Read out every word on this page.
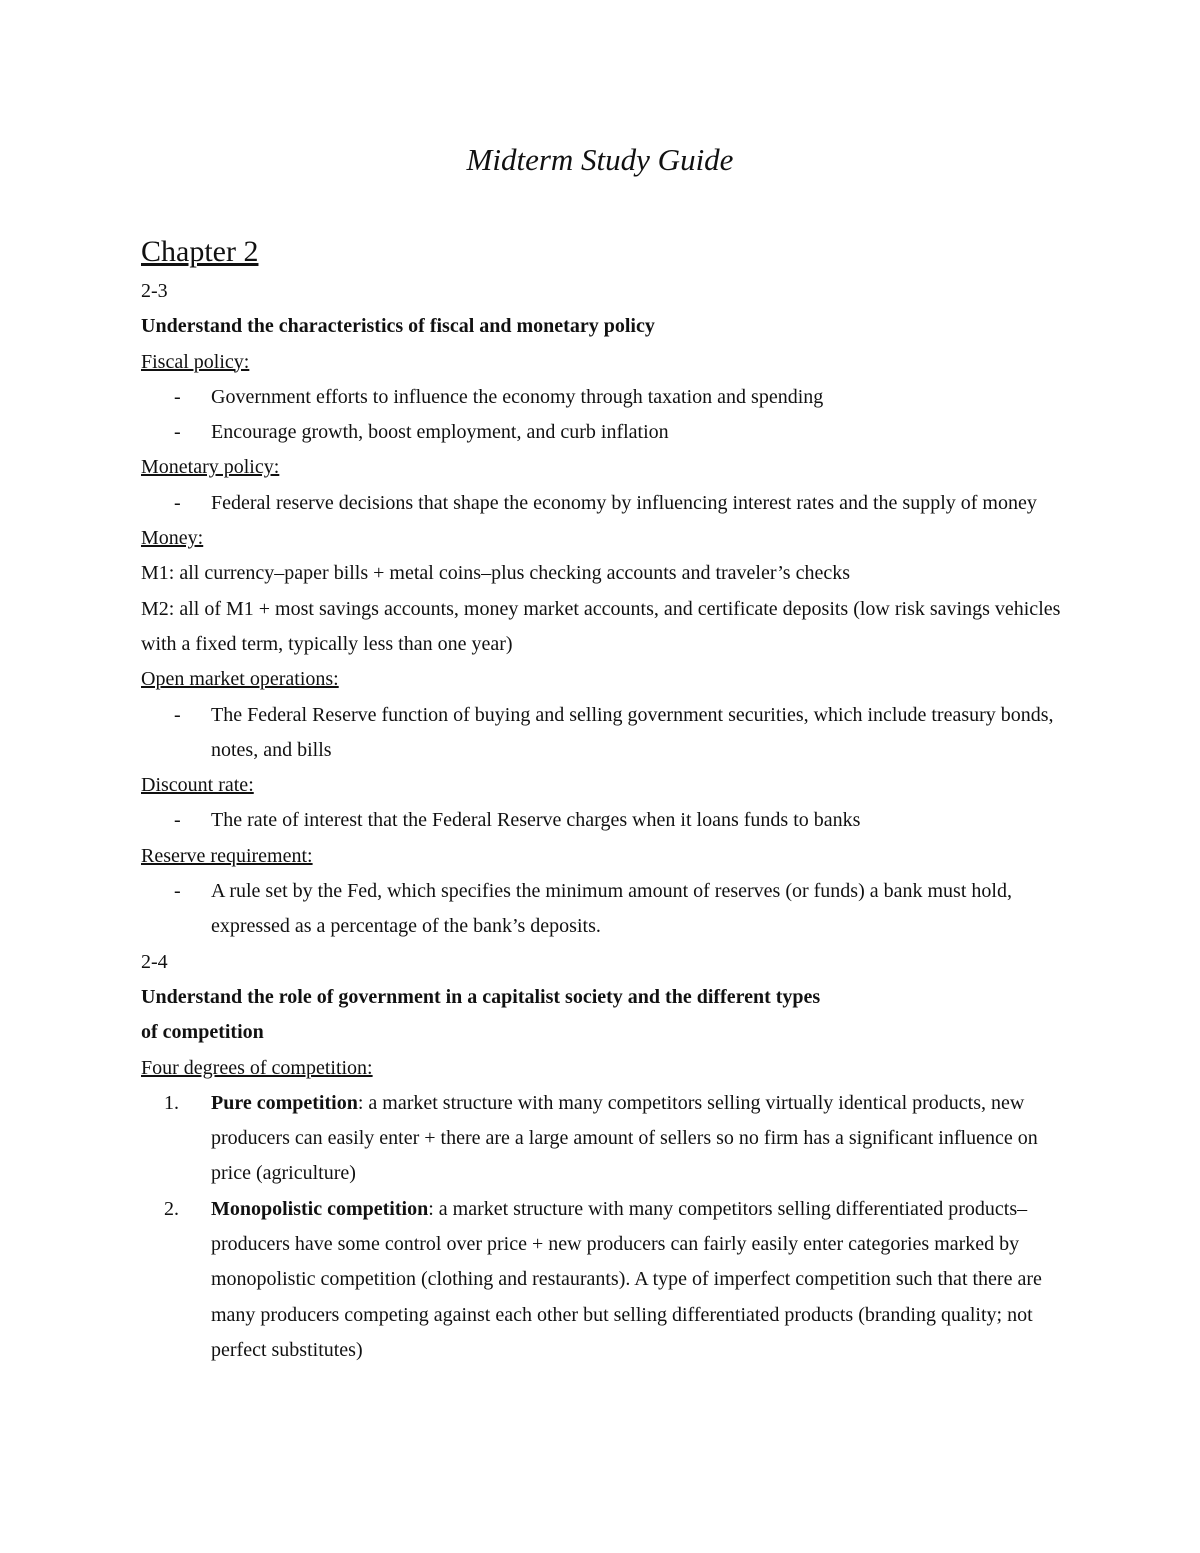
Midterm Study Guide

Chapter 2

2-3

Understand the characteristics of fiscal and monetary policy

Fiscal policy:

-	Government efforts to influence the economy through taxation and spending
-	Encourage growth, boost employment, and curb inflation

Monetary policy:

-	Federal reserve decisions that shape the economy by influencing interest rates and the supply of money

Money:

M1: all currency–paper bills + metal coins–plus checking accounts and traveler’s checks

M2: all of M1 + most savings accounts, money market accounts, and certificate deposits (low risk savings vehicles with a fixed term, typically less than one year)

Open market operations:

-	The Federal Reserve function of buying and selling government securities, which include treasury bonds, notes, and bills

Discount rate:

-	The rate of interest that the Federal Reserve charges when it loans funds to banks

Reserve requirement:

-	A rule set by the Fed, which specifies the minimum amount of reserves (or funds) a bank must hold, expressed as a percentage of the bank’s deposits.

2-4

Understand the role of government in a capitalist society and the different types

of competition

Four degrees of competition:

1.	Pure competition: a market structure with many competitors selling virtually identical products, new producers can easily enter + there are a large amount of sellers so no firm has a significant influence on price (agriculture)
2.	Monopolistic competition: a market structure with many competitors selling differentiated products–producers have some control over price + new producers can fairly easily enter categories marked by monopolistic competition (clothing and restaurants). A type of imperfect competition such that there are many producers competing against each other but selling differentiated products (branding quality; not perfect substitutes)
